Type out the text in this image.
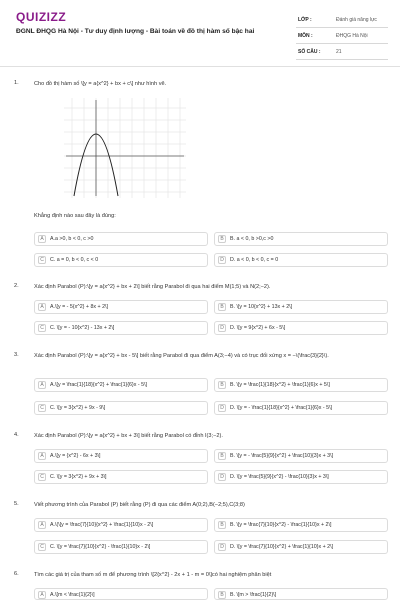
QUIZIZZ
ĐGNL ĐHQG Hà Nội - Tư duy định lượng - Bài toán về đồ thị hàm số bậc hai
LỚP :	Đánh giá năng lực
MÔN :	ĐHQG Hà Nội
SỐ CÂU :	21
1.	Cho đồ thị hàm số \[y = a{x^2} + bx + c\] như hình vẽ.
Khẳng định nào sau đây là đúng:
A	A.a >0, b < 0, c >0	B	B. a < 0, b >0,c >0
C	C. a = 0, b < 0, c < 0	D	D. a < 0, b < 0, c = 0
2.	Xác định Parabol (P):\[y = a{x^2} + bx + 2\] biết rằng Parabol đi qua hai điểm M(1;5) và N(2;−2).
A	A.\[y = - 5{x^2} + 8x + 2\]	B	B. \[y = 10{x^2} + 13x + 2\]
C	C. \[y = - 10{x^2} - 13x + 2\]	D	D. \[y = 9{x^2} + 6x - 5\]
3.	Xác định Parabol (P):\[y = a{x^2} + bx - 5\] biết rằng Parabol đi qua điểm A(3;−4) và có trục đối xứng x = −\(\frac{3}{2}\).
A	A.\[y = \frac{1}{18}{x^2} + \frac{1}{6}x - 5\]	B	B. \[y = \frac{1}{18}{x^2} + \frac{1}{6}x + 5\]
C	C. \[y = 3{x^2} + 9x - 9\]	D	D. \[y = - \frac{1}{18}{x^2} + \frac{1}{6}x - 5\]
4.	Xác định Parabol (P):\[y = a{x^2} + bx + 3\] biết rằng Parabol có đỉnh I(3;−2).
A	A.\[y = {x^2} - 6x + 3\]	B	B. \[y = - \frac{5}{9}{x^2} + \frac{10}{3}x + 3\]
C	C. \[y = 3{x^2} + 9x + 3\]	D	D. \[y = \frac{5}{9}{x^2} - \frac{10}{3}x + 3\]
5.	Viết phương trình của Parabol (P) biết rằng (P) đi qua các điểm A(0;2),B(−2;5),C(3;8)
A	A.\(\[y = \frac{7}{10}{x^2} + \frac{1}{10}x - 2\]	B	B. \[y = \frac{7}{10}{x^2} - \frac{1}{10}x + 2\]
C	C. \[y = \frac{7}{10}{x^2} - \frac{1}{10}x - 2\]	D	D. \[y = \frac{7}{10}{x^2} + \frac{1}{10}x + 2\]
6.	Tìm các giá trị của tham số m để phương trình \[2{x^2} - 2x + 1 - m = 0\]có hai nghiệm phân biệt
A	A.\[m < \frac{1}{2}\]	B	B. \[m > \frac{1}{2}\]
